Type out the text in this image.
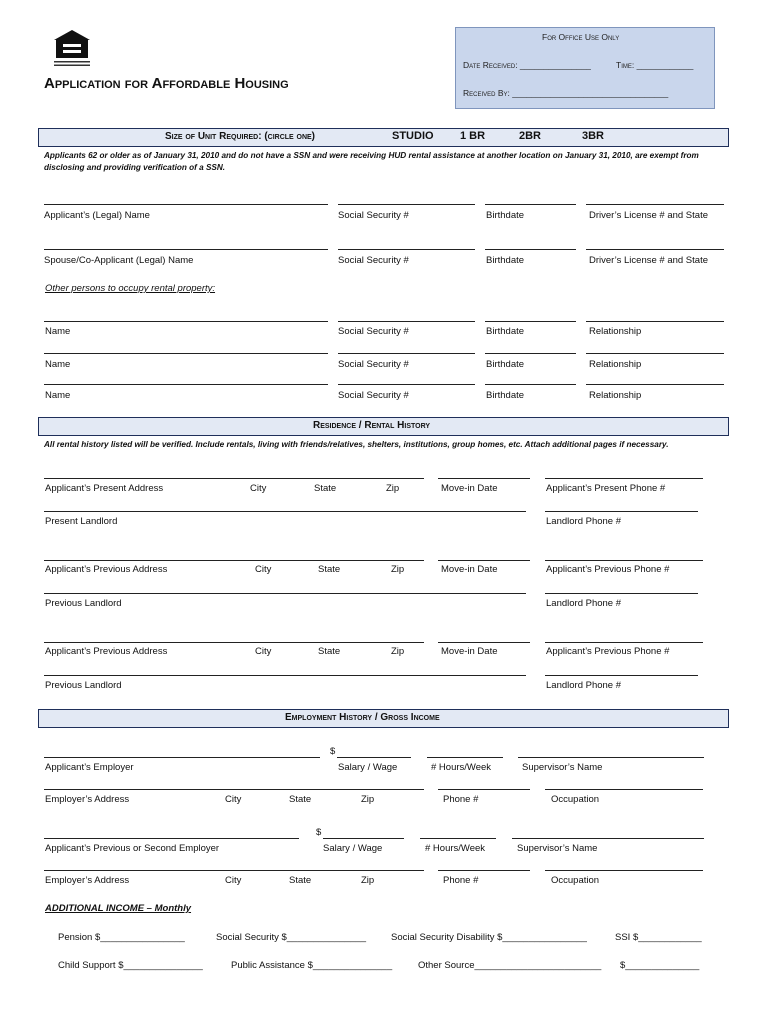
For Office Use Only
Date Received: _______________	Time: ____________
Received By: _________________________________
Application for Affordable Housing
Size of Unit Required: (circle one)	STUDIO 1 BR	2BR	3BR
Applicants 62 or older as of January 31, 2010 and do not have a SSN and were receiving HUD rental assistance at another location on January 31, 2010, are exempt from disclosing and providing verification of a SSN.
Applicant’s (Legal) Name	Social Security #	Birthdate	Driver’s License # and State
Spouse/Co-Applicant (Legal) Name	Social Security #	Birthdate	Driver’s License # and State
Other persons to occupy rental property:
Name	Social Security #	Birthdate	Relationship
Name	Social Security #	Birthdate	Relationship
Name	Social Security #	Birthdate	Relationship
Residence / Rental History
All rental history listed will be verified. Include rentals, living with friends/relatives, shelters, institutions, group homes, etc. Attach additional pages if necessary.
Applicant’s Present Address	City	State	Zip	Move-in Date	Applicant’s Present Phone #
Present Landlord	Landlord Phone #
Applicant’s Previous Address	City	State	Zip	Move-in Date	Applicant’s Previous Phone #
Previous Landlord	Landlord Phone #
Applicant’s Previous Address	City	State	Zip	Move-in Date	Applicant’s Previous Phone #
Previous Landlord	Landlord Phone #
Employment History / Gross Income
$
Applicant’s Employer	Salary / Wage	# Hours/Week	Supervisor’s Name
Employer’s Address	City	State	Zip	Phone #	Occupation
$
Applicant’s Previous or Second Employer	Salary / Wage	# Hours/Week	Supervisor’s Name
Employer’s Address	City	State	Zip	Phone #	Occupation
ADDITIONAL INCOME – Monthly
Pension $________________	Social Security $_______________	Social Security Disability $________________	SSI $____________
Child Support $_______________	Public Assistance $_______________	Other Source________________________ $______________
